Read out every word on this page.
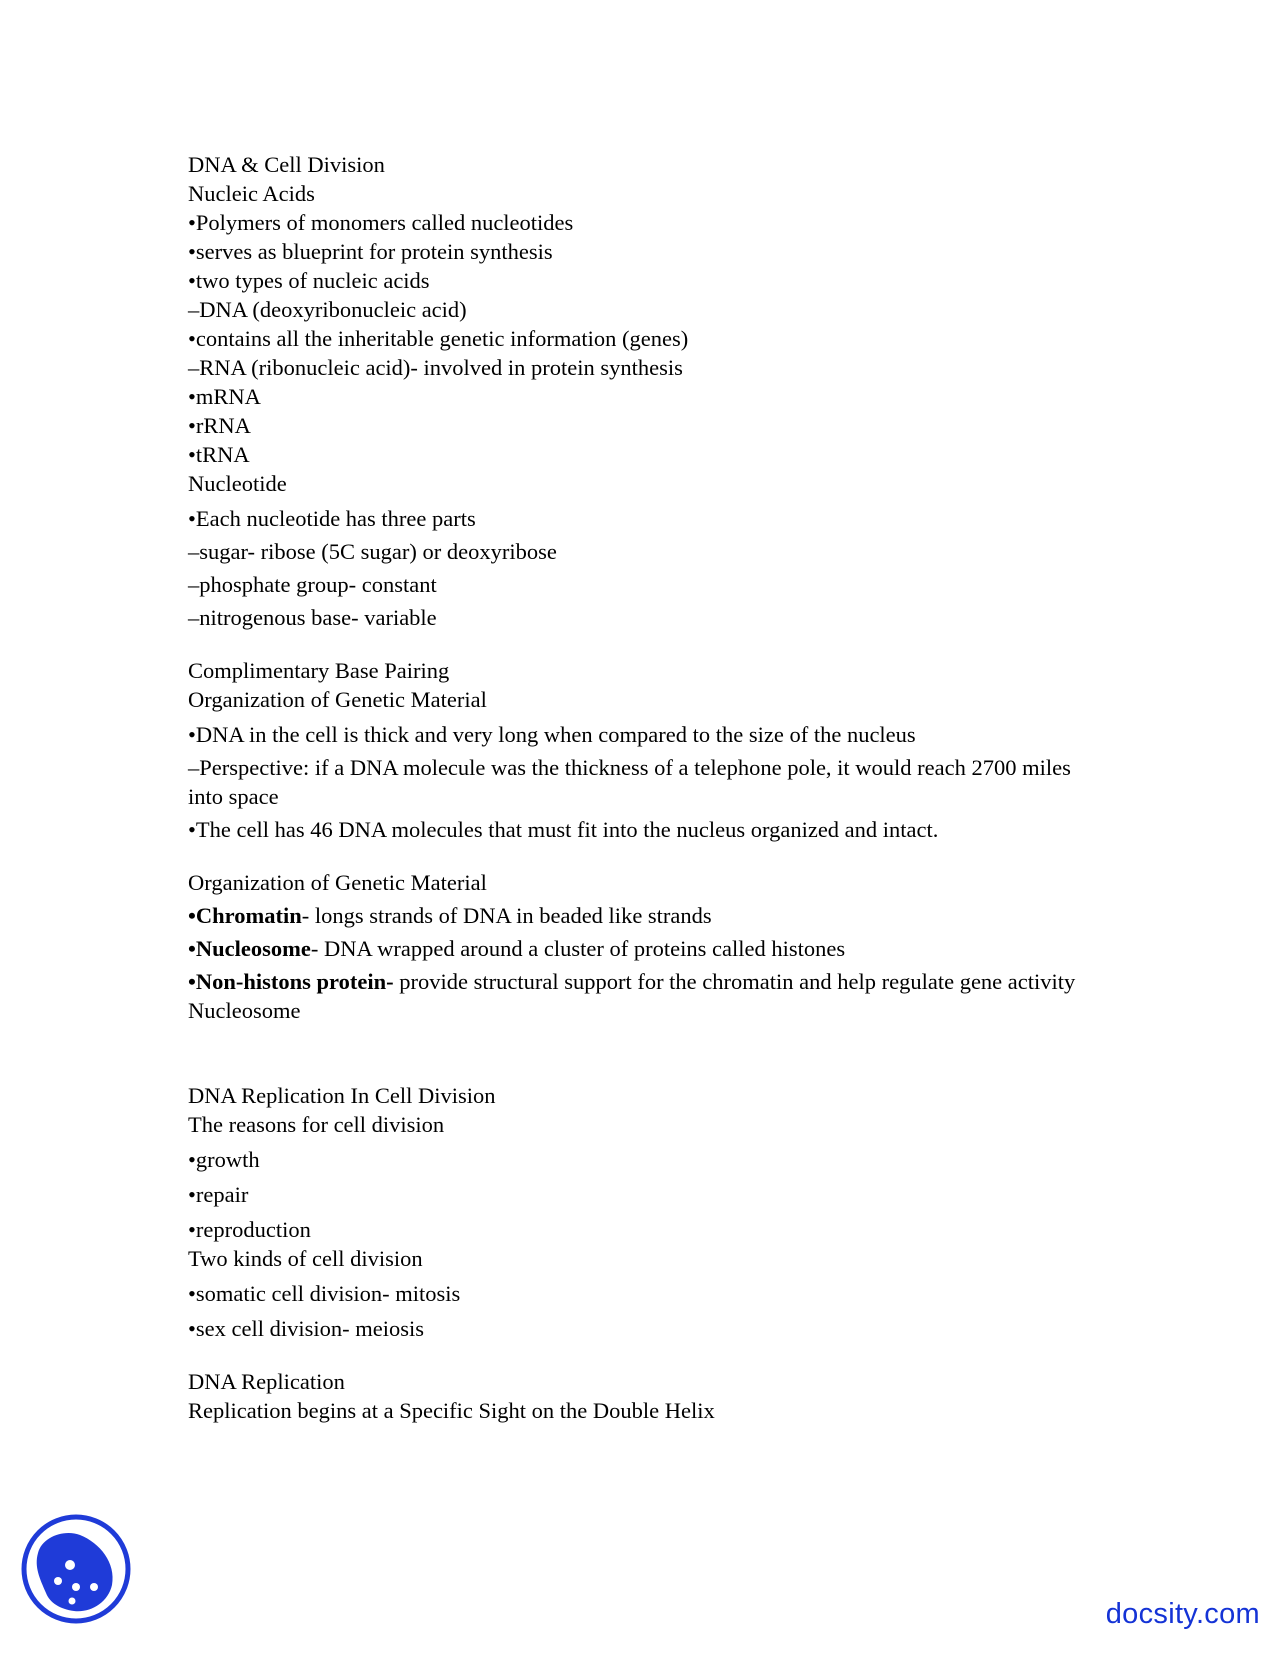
DNA & Cell Division
Nucleic Acids
•Polymers of monomers called nucleotides
•serves as blueprint for protein synthesis
•two types of nucleic acids
–DNA (deoxyribonucleic acid)
•contains all the inheritable genetic information (genes)
–RNA (ribonucleic acid)- involved in protein synthesis
•mRNA
•rRNA
•tRNA
Nucleotide
•Each nucleotide has three parts
–sugar- ribose (5C sugar) or deoxyribose
–phosphate group- constant
–nitrogenous base- variable
Complimentary Base Pairing
Organization of Genetic Material
•DNA in the cell is thick and very long when compared to the size of the nucleus
–Perspective: if a DNA molecule was the thickness of a telephone pole, it would reach 2700 miles into space
•The cell has 46 DNA molecules that must fit into the nucleus organized and intact.
Organization of Genetic Material
•Chromatin- longs strands of DNA in beaded like strands
•Nucleosome- DNA wrapped around a cluster of proteins called histones
•Non-histons protein- provide structural support for the chromatin and help regulate gene activity
Nucleosome
DNA Replication In Cell Division
The reasons for cell division
•growth
•repair
•reproduction
Two kinds of cell division
•somatic cell division- mitosis
•sex cell division- meiosis
DNA Replication
Replication begins at a Specific Sight on the Double Helix
docsity.com
